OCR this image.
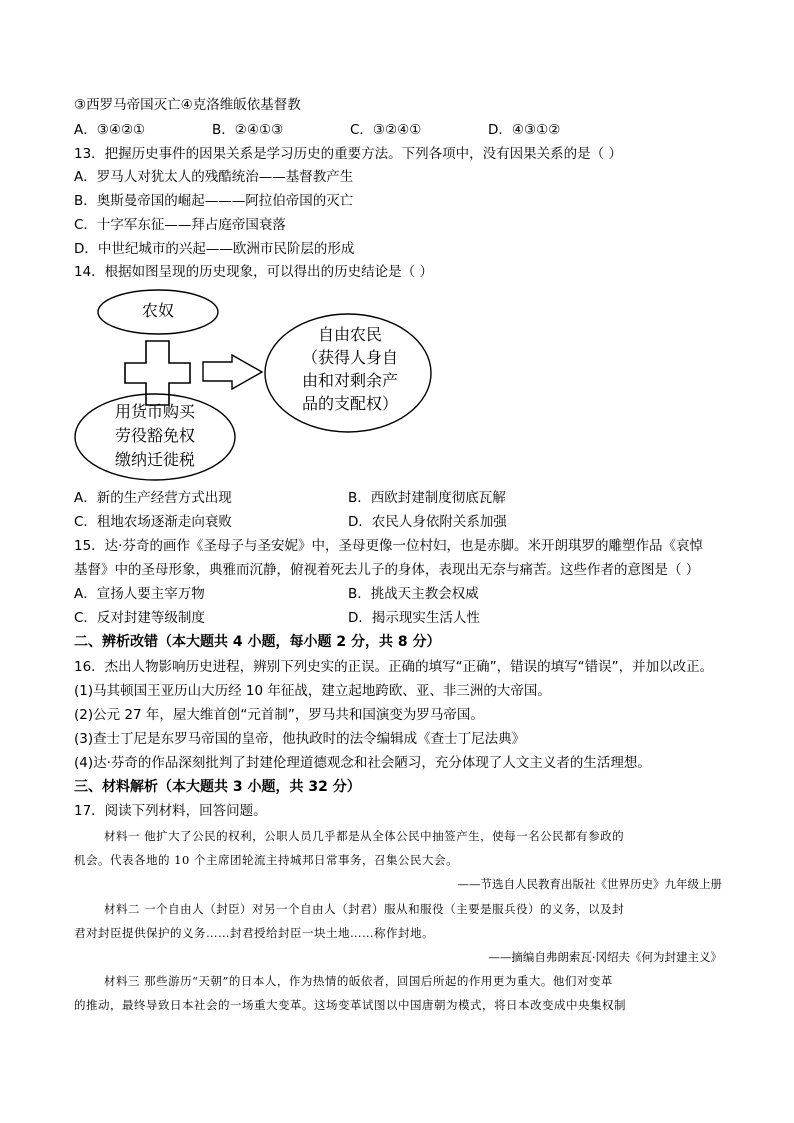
③西罗马帝国灭亡④克洛维皈依基督教
A．③④②①	B．②④①③	C．③②④①	D．④③①②
13．把握历史事件的因果关系是学习历史的重要方法。下列各项中，没有因果关系的是（ ）
A．罗马人对犹太人的残酷统治——基督教产生
B．奥斯曼帝国的崛起———阿拉伯帝国的灭亡
C．十字军东征——拜占庭帝国衰落
D．中世纪城市的兴起——欧洲市民阶层的形成
14．根据如图呈现的历史现象，可以得出的历史结论是（ ）
农奴
用货币购买
劳役豁免权
缴纳迁徙税
自由农民
（获得人身自
由和对剩余产
品的支配权）
A．新的生产经营方式出现	B．西欧封建制度彻底瓦解
C．租地农场逐渐走向衰败	D．农民人身依附关系加强
15．达·芬奇的画作《圣母子与圣安妮》中，圣母更像一位村妇，也是赤脚。米开朗琪罗的雕塑作品《哀悼
基督》中的圣母形象，典雅而沉静，俯视着死去儿子的身体，表现出无奈与痛苦。这些作者的意图是（ ）
A．宣扬人要主宰万物	B．挑战天主教会权威
C．反对封建等级制度	D．揭示现实生活人性
二、辨析改错（本大题共 4 小题，每小题 2 分，共 8 分）
16．杰出人物影响历史进程，辨别下列史实的正误。正确的填写“正确”，错误的填写“错误”，并加以改正。
(1)马其顿国王亚历山大历经 10 年征战，建立起地跨欧、亚、非三洲的大帝国。
(2)公元 27 年，屋大维首创“元首制”，罗马共和国演变为罗马帝国。
(3)查士丁尼是东罗马帝国的皇帝，他执政时的法令编辑成《查士丁尼法典》
(4)达·芬奇的作品深刻批判了封建伦理道德观念和社会陋习，充分体现了人文主义者的生活理想。
三、材料解析（本大题共 3 小题，共 32 分）
17．阅读下列材料，回答问题。
材料一 他扩大了公民的权利，公职人员几乎都是从全体公民中抽签产生，使每一名公民都有参政的
机会。代表各地的 10 个主席团轮流主持城邦日常事务，召集公民大会。
——节选自人民教育出版社《世界历史》九年级上册
材料二 一个自由人（封臣）对另一个自由人（封君）服从和服役（主要是服兵役）的义务，以及封
君对封臣提供保护的义务……封君授给封臣一块土地……称作封地。
——摘编自弗朗索瓦·冈绍夫《何为封建主义》
材料三 那些游历“天朝”的日本人，作为热情的皈依者，回国后所起的作用更为重大。他们对变革
的推动，最终导致日本社会的一场重大变革。这场变革试图以中国唐朝为模式，将日本改变成中央集权制
